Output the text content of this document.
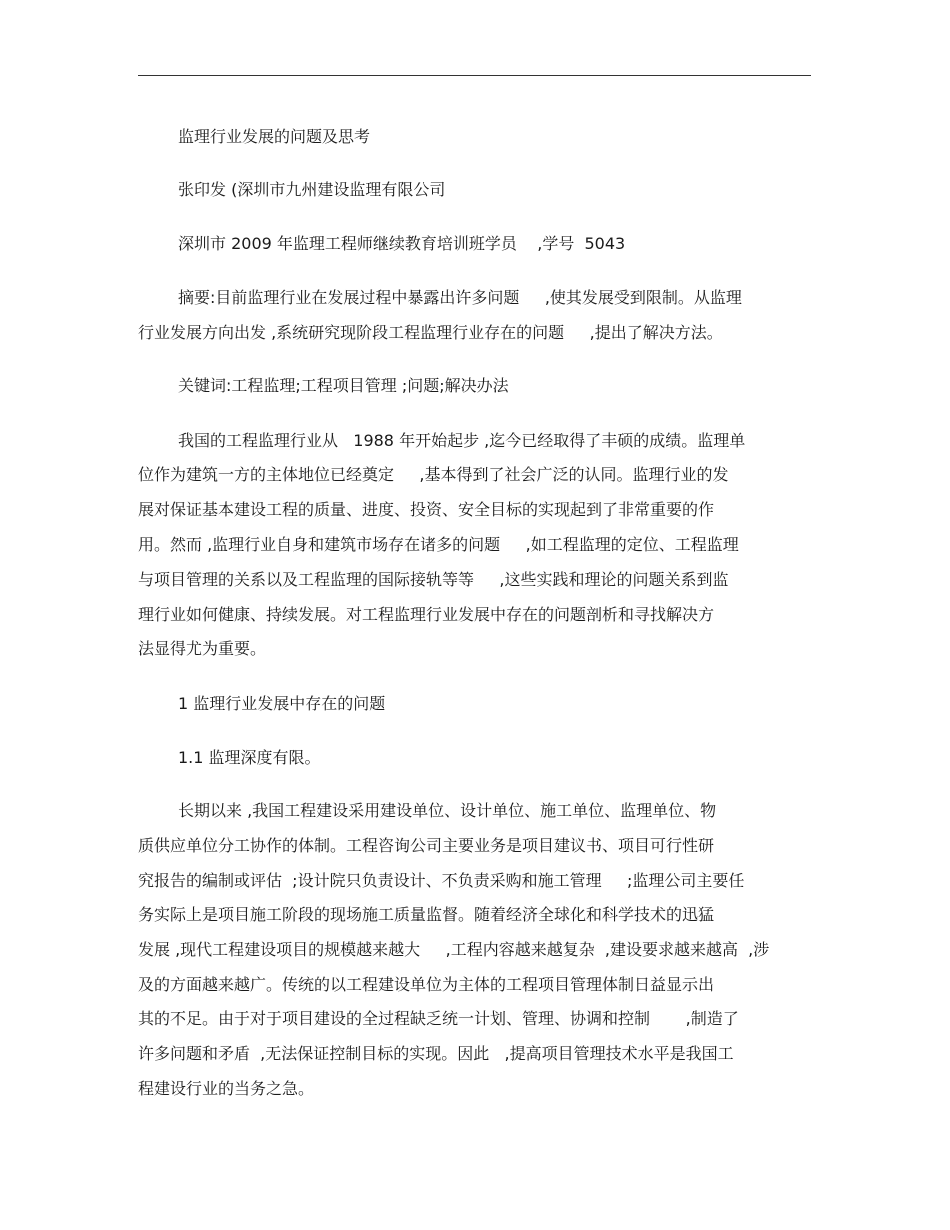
监理行业发展的问题及思考
张印发 (深圳市九州建设监理有限公司
深圳市 2009 年监理工程师继续教育培训班学员    ,学号  5043
摘要:目前监理行业在发展过程中暴露出许多问题     ,使其发展受到限制。从监理
行业发展方向出发 ,系统研究现阶段工程监理行业存在的问题     ,提出了解决方法。
关键词:工程监理;工程项目管理 ;问题;解决办法
我国的工程监理行业从   1988 年开始起步 ,迄今已经取得了丰硕的成绩。监理单
位作为建筑一方的主体地位已经奠定     ,基本得到了社会广泛的认同。监理行业的发
展对保证基本建设工程的质量、进度、投资、安全目标的实现起到了非常重要的作
用。然而 ,监理行业自身和建筑市场存在诸多的问题     ,如工程监理的定位、工程监理
与项目管理的关系以及工程监理的国际接轨等等     ,这些实践和理论的问题关系到监
理行业如何健康、持续发展。对工程监理行业发展中存在的问题剖析和寻找解决方
法显得尤为重要。
1 监理行业发展中存在的问题
1.1 监理深度有限。
长期以来 ,我国工程建设采用建设单位、设计单位、施工单位、监理单位、物
质供应单位分工协作的体制。工程咨询公司主要业务是项目建议书、项目可行性研
究报告的编制或评估  ;设计院只负责设计、不负责采购和施工管理     ;监理公司主要任
务实际上是项目施工阶段的现场施工质量监督。随着经济全球化和科学技术的迅猛
发展 ,现代工程建设项目的规模越来越大     ,工程内容越来越复杂  ,建设要求越来越高  ,涉
及的方面越来越广。传统的以工程建设单位为主体的工程项目管理体制日益显示出
其的不足。由于对于项目建设的全过程缺乏统一计划、管理、协调和控制       ,制造了
许多问题和矛盾  ,无法保证控制目标的实现。因此   ,提高项目管理技术水平是我国工
程建设行业的当务之急。
